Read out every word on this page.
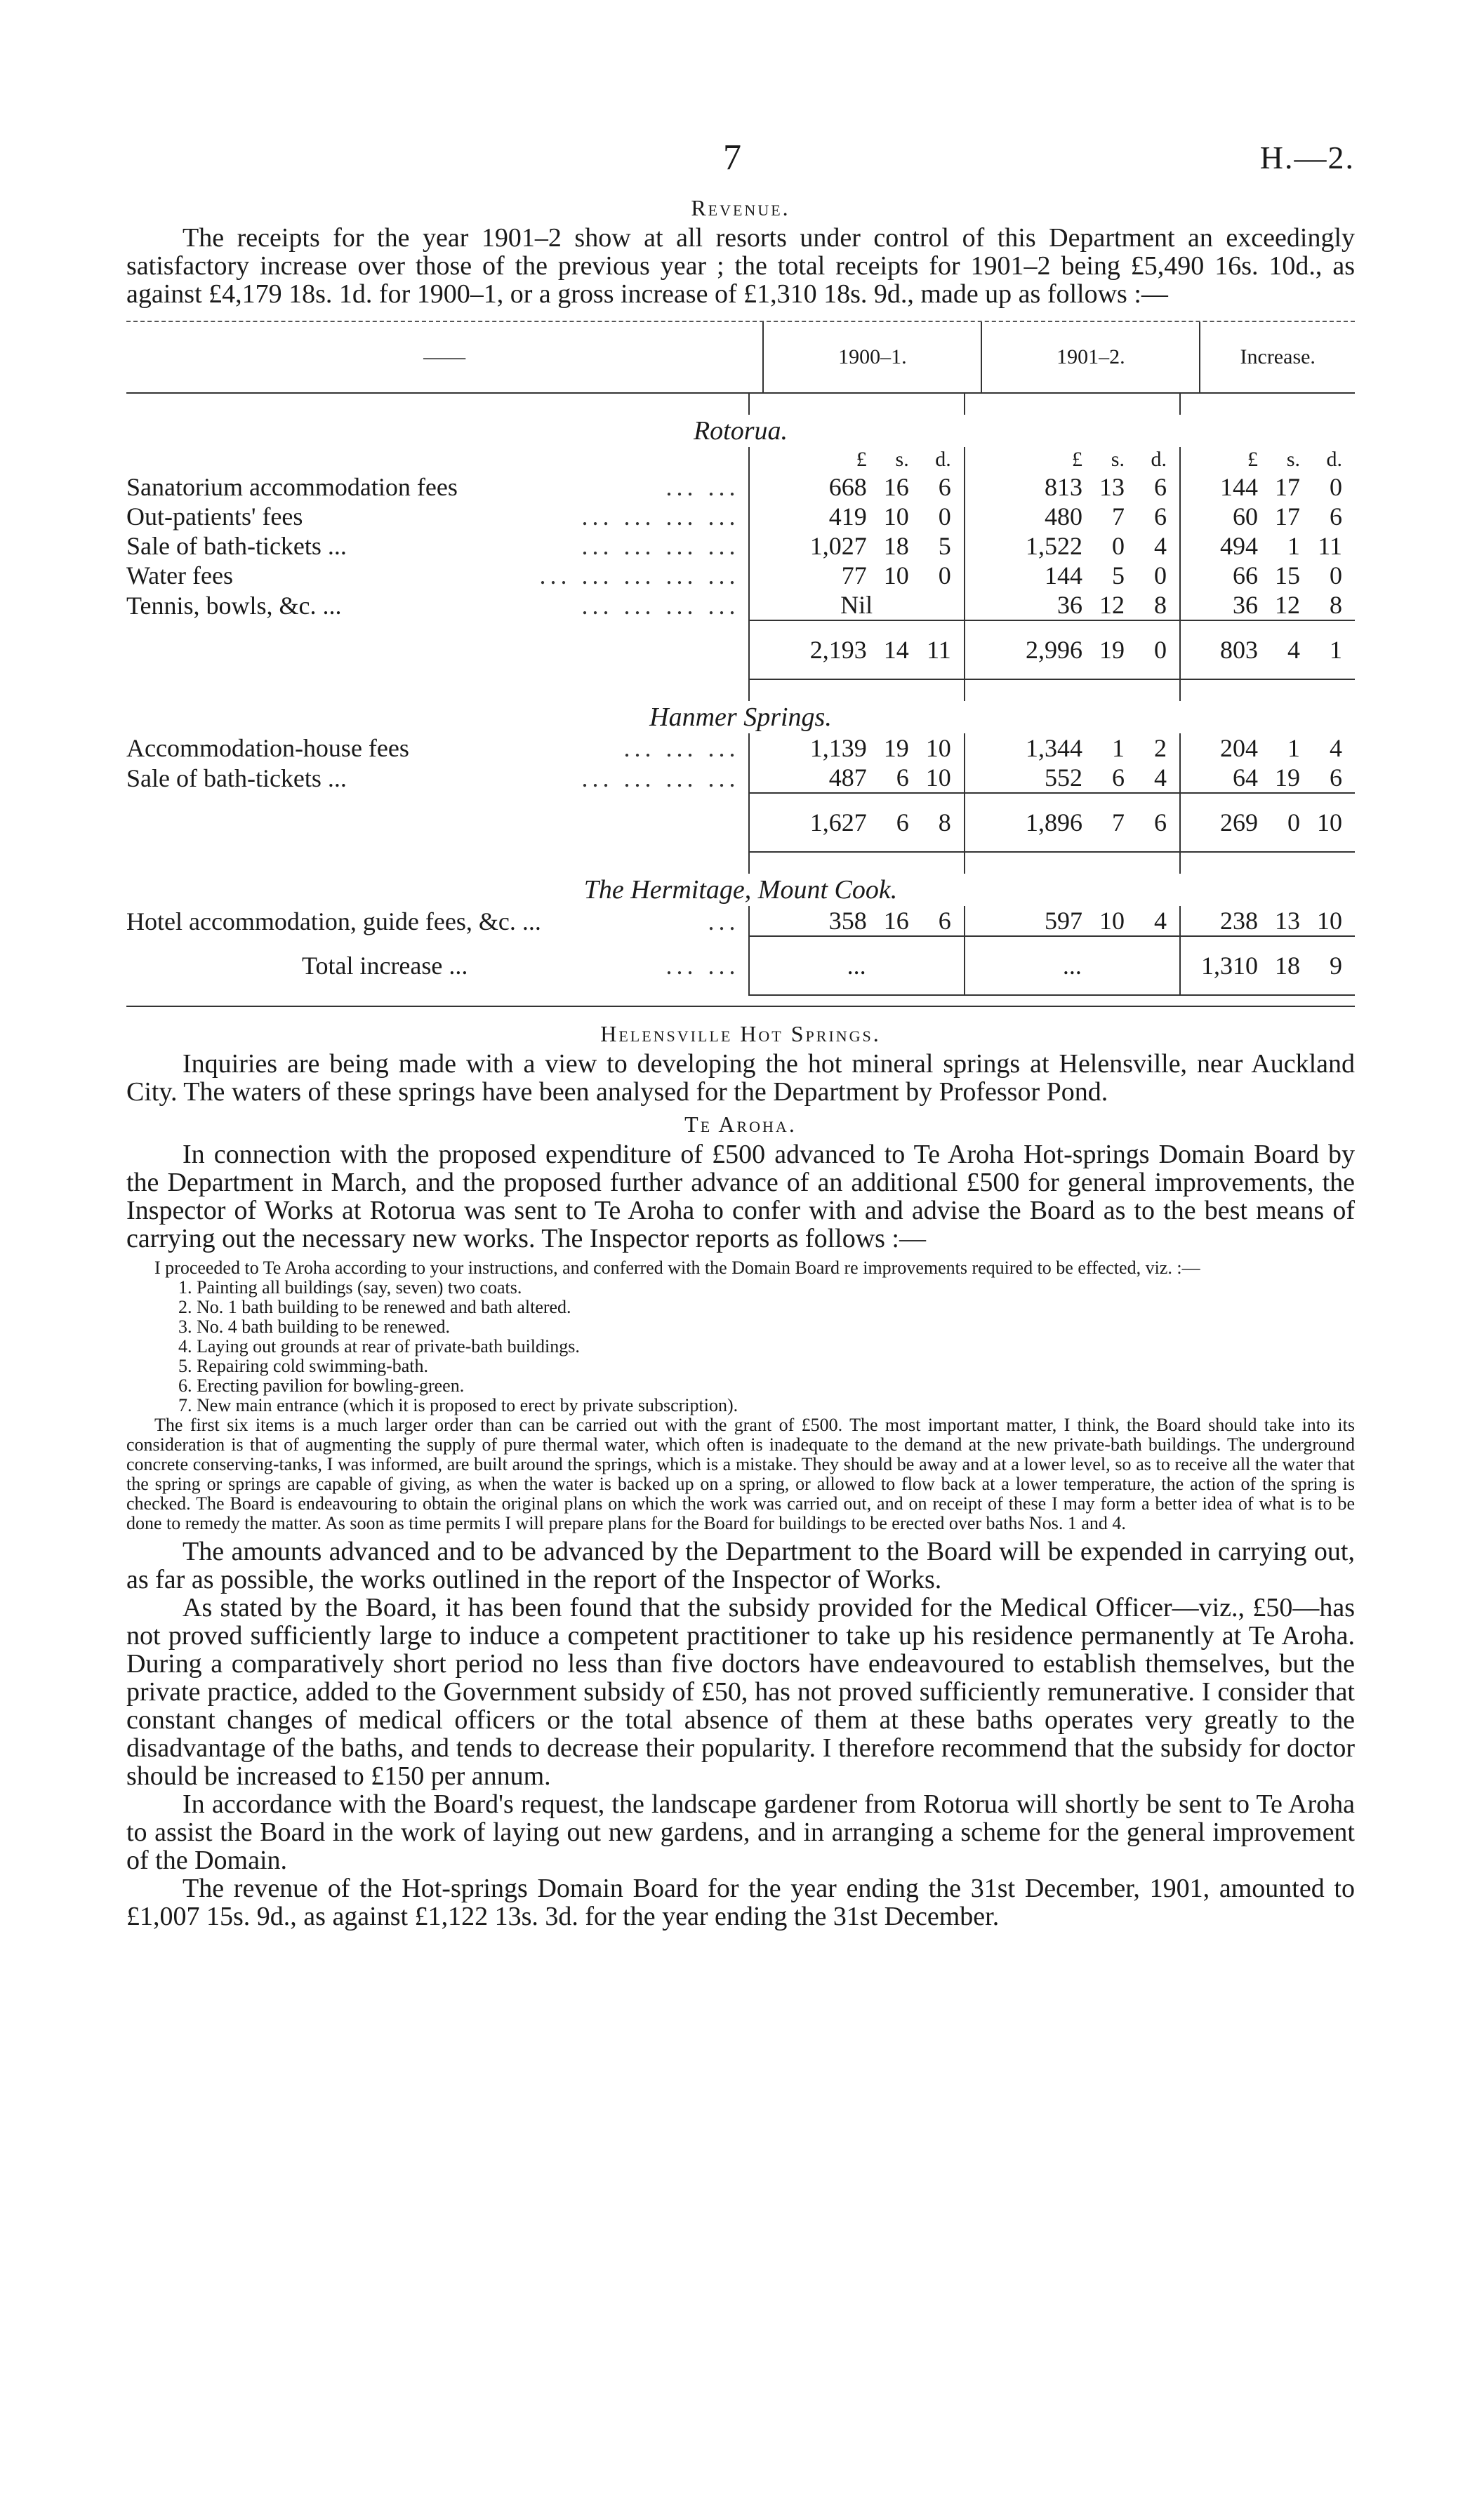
7	H.—2.
Revenue.

The receipts for the year 1901–2 show at all resorts under control of this Department an exceedingly satisfactory increase over those of the previous year ; the total receipts for 1901–2 being £5,490 16s. 10d., as against £4,179 18s. 1d. for 1900–1, or a gross increase of £1,310 18s. 9d., made up as follows :—

——	1900–1.	1901–2.	Increase.

Rotorua.			

	£ s. d.	£ s. d.	£ s. d.

... ...
Sanatorium accommodation fees	668 16 6	813 13 6	144 17 0

... ... ... ...
Out-patients' fees	419 10 0	480 7 6	60 17 6

... ... ... ...
Sale of bath-tickets ...	1,027 18 5	1,522 0 4	494 1 11

... ... ... ... ...
Water fees	77 10 0	144 5 0	66 15 0

... ... ... ...
Tennis, bowls, &c. ...	Nil	36 12 8	36 12 8

	2,193 14 11	2,996 19 0	803 4 1

Hanmer Springs.			

... ... ...
Accommodation-house fees	1,139 19 10	1,344 1 2	204 1 4

... ... ... ...
Sale of bath-tickets ...	487 6 10	552 6 4	64 19 6

	1,627 6 8	1,896 7 6	269 0 10

The Hermitage, Mount Cook.			

...
Hotel accommodation, guide fees, &c. ...	358 16 6	597 10 4	238 13 10

... ...
Total increase ...	...	...	1,310 18 9
Helensville Hot Springs.

Inquiries are being made with a view to developing the hot mineral springs at Helensville, near Auckland City. The waters of these springs have been analysed for the Department by Professor Pond.

Te Aroha.

In connection with the proposed expenditure of £500 advanced to Te Aroha Hot-springs Domain Board by the Department in March, and the proposed further advance of an additional £500 for general improvements, the Inspector of Works at Rotorua was sent to Te Aroha to confer with and advise the Board as to the best means of carrying out the necessary new works. The Inspector reports as follows :—

I proceeded to Te Aroha according to your instructions, and conferred with the Domain Board re improvements required to be effected, viz. :—

1. Painting all buildings (say, seven) two coats.
2. No. 1 bath building to be renewed and bath altered.
3. No. 4 bath building to be renewed.
4. Laying out grounds at rear of private-bath buildings.
5. Repairing cold swimming-bath.
6. Erecting pavilion for bowling-green.
7. New main entrance (which it is proposed to erect by private subscription).

The first six items is a much larger order than can be carried out with the grant of £500. The most important matter, I think, the Board should take into its consideration is that of augmenting the supply of pure thermal water, which often is inadequate to the demand at the new private-bath buildings. The underground concrete conserving-tanks, I was informed, are built around the springs, which is a mistake. They should be away and at a lower level, so as to receive all the water that the spring or springs are capable of giving, as when the water is backed up on a spring, or allowed to flow back at a lower temperature, the action of the spring is checked. The Board is endeavouring to obtain the original plans on which the work was carried out, and on receipt of these I may form a better idea of what is to be done to remedy the matter. As soon as time permits I will prepare plans for the Board for buildings to be erected over baths Nos. 1 and 4.

The amounts advanced and to be advanced by the Department to the Board will be expended in carrying out, as far as possible, the works outlined in the report of the Inspector of Works.

As stated by the Board, it has been found that the subsidy provided for the Medical Officer—viz., £50—has not proved sufficiently large to induce a competent practitioner to take up his residence permanently at Te Aroha. During a comparatively short period no less than five doctors have endeavoured to establish themselves, but the private practice, added to the Government subsidy of £50, has not proved sufficiently remunerative. I consider that constant changes of medical officers or the total absence of them at these baths operates very greatly to the disadvantage of the baths, and tends to decrease their popularity. I therefore recommend that the subsidy for doctor should be increased to £150 per annum.

In accordance with the Board's request, the landscape gardener from Rotorua will shortly be sent to Te Aroha to assist the Board in the work of laying out new gardens, and in arranging a scheme for the general improvement of the Domain.

The revenue of the Hot-springs Domain Board for the year ending the 31st December, 1901, amounted to £1,007 15s. 9d., as against £1,122 13s. 3d. for the year ending the 31st December.
